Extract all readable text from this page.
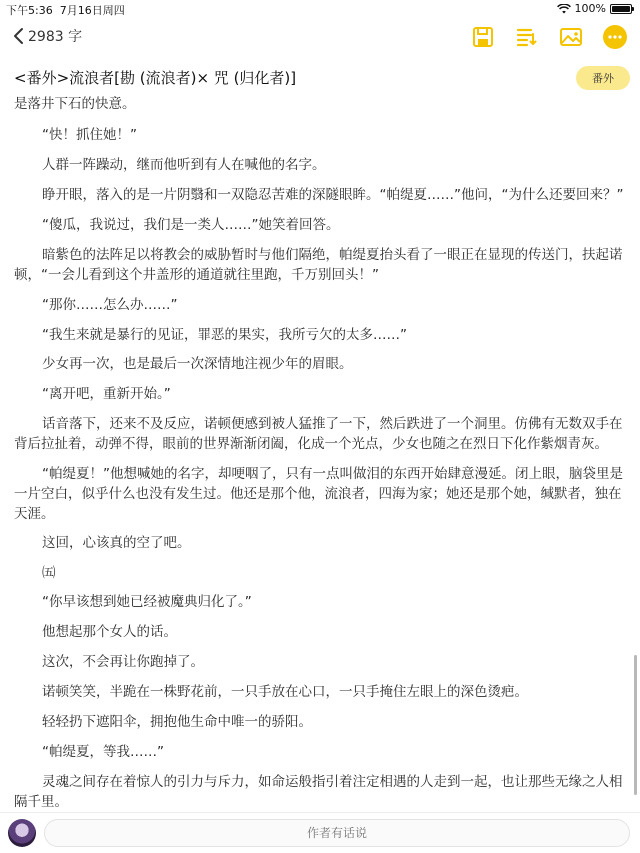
下午5:36 7月16日周四	100%
2983 字
<番外>流浪者[勘 (流浪者)× 咒 (归化者)]	番外
是落井下石的快意。
“快！抓住她！”
人群一阵躁动，继而他听到有人在喊他的名字。
睁开眼，落入的是一片阴翳和一双隐忍苦难的深隧眼眸。“帕缇夏……”他问，“为什么还要回来？”
“傻瓜，我说过，我们是一类人……”她笑着回答。
暗紫色的法阵足以将教会的威胁暂时与他们隔绝，帕缇夏抬头看了一眼正在显现的传送门，扶起诺顿，“一会儿看到这个井盖形的通道就往里跑，千万别回头！”
“那你……怎么办……”
“我生来就是暴行的见证，罪恶的果实，我所亏欠的太多……”
少女再一次，也是最后一次深情地注视少年的眉眼。
“离开吧，重新开始。”
话音落下，还来不及反应，诺顿便感到被人猛推了一下，然后跌进了一个洞里。仿佛有无数双手在背后拉扯着，动弹不得，眼前的世界渐渐闭阖，化成一个光点，少女也随之在烈日下化作紫烟青灰。
“帕缇夏！”他想喊她的名字，却哽咽了，只有一点叫做泪的东西开始肆意漫延。闭上眼，脑袋里是一片空白，似乎什么也没有发生过。他还是那个他，流浪者，四海为家；她还是那个她，缄默者，独在天涯。
这回，心该真的空了吧。
㈤
“你早该想到她已经被魔典归化了。”
他想起那个女人的话。
这次，不会再让你跑掉了。
诺顿笑笑，半跪在一株野花前，一只手放在心口，一只手掩住左眼上的深色烫疤。
轻轻扔下遮阳伞，拥抱他生命中唯一的骄阳。
“帕缇夏，等我……”
灵魂之间存在着惊人的引力与斥力，如命运般指引着注定相遇的人走到一起，也让那些无缘之人相隔千里。
作者有话说
